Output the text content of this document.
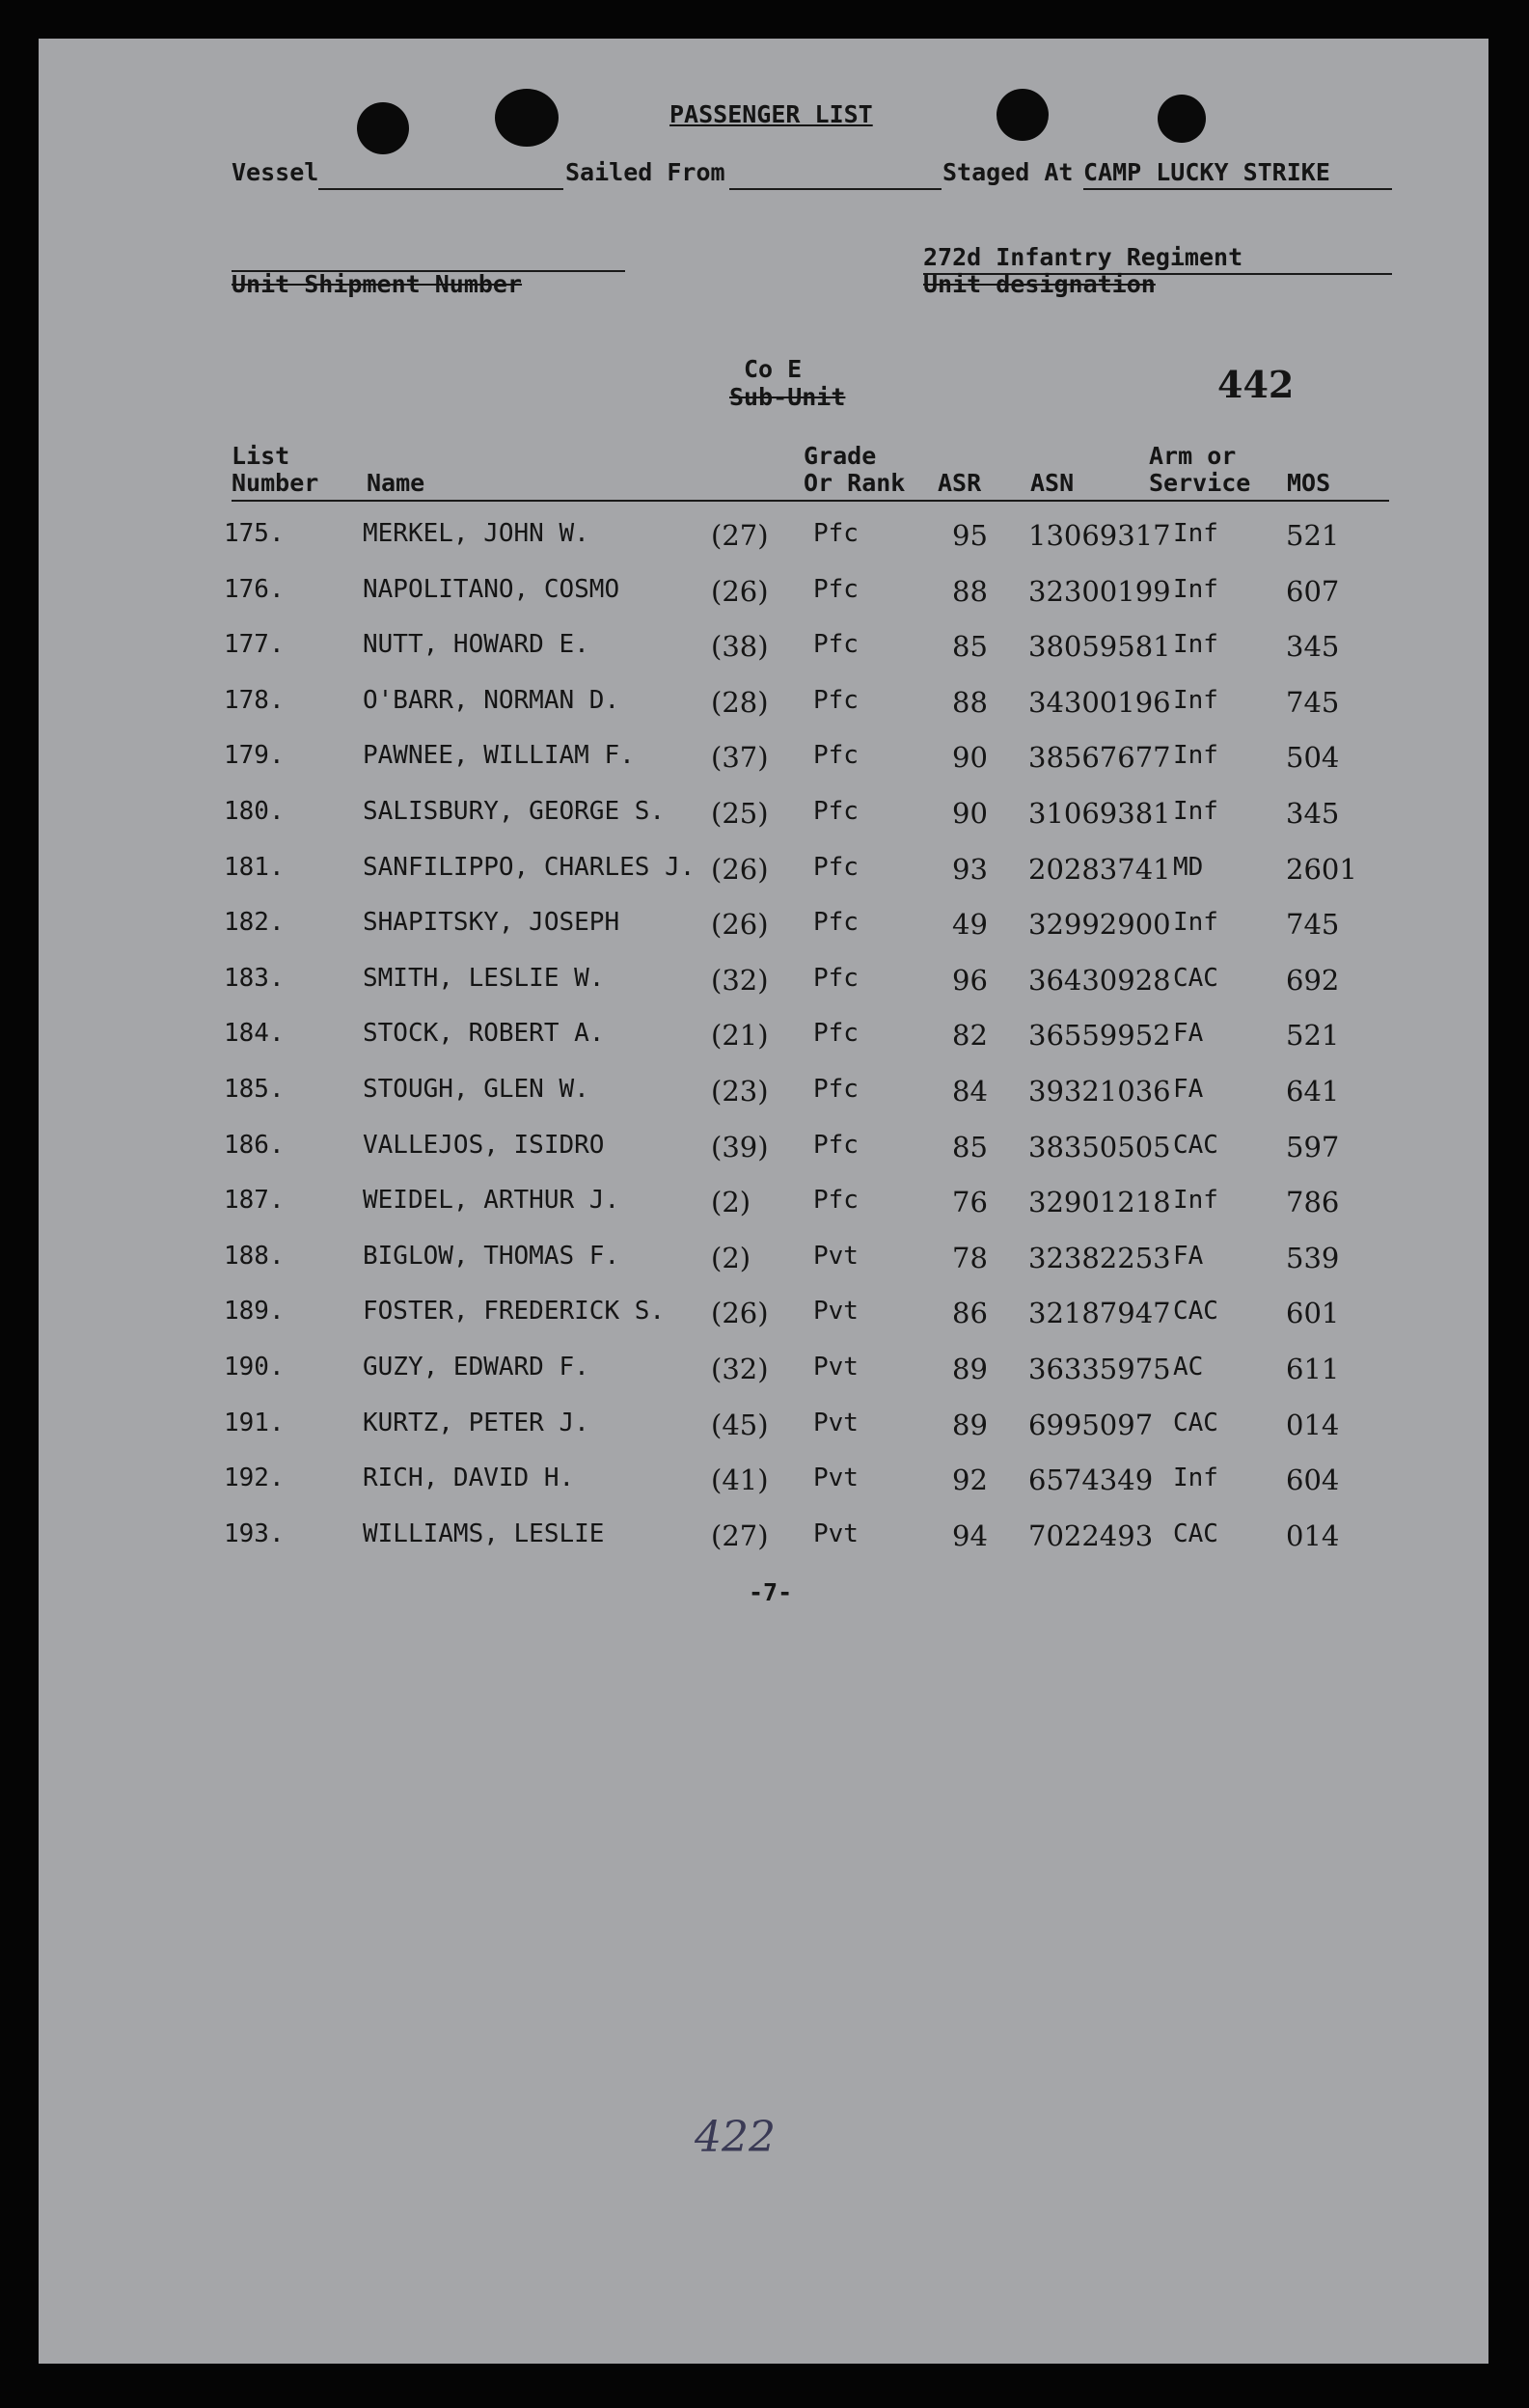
PASSENGER LIST
Vessel	Sailed From	Staged At CAMP LUCKY STRIKE
Unit Shipment Number
272d Infantry Regiment
Unit designation
Co E
Sub-Unit	442
List
Number Name
Grade
Or Rank ASR ASN
Arm or
Service MOS
175.	MERKEL, JOHN W.	(27) Pfc	95 13069317 Inf 521
176.	NAPOLITANO, COSMO	(26) Pfc	88 32300199 Inf 607
177.	NUTT, HOWARD E.	(38) Pfc	85 38059581 Inf 345
178.	O'BARR, NORMAN D.	(28) Pfc	88 34300196 Inf 745
179.	PAWNEE, WILLIAM F.	(37) Pfc	90 38567677 Inf 504
180.	SALISBURY, GEORGE S. (25) Pfc	90 31069381 Inf 345
181.	SANFILIPPO, CHARLES J. (26) Pfc	93 20283741 MD	2601
182.	SHAPITSKY, JOSEPH	(26) Pfc	49 32992900 Inf 745
183.	SMITH, LESLIE W.	(32) Pfc	96 36430928 CAC 692
184.	STOCK, ROBERT A.	(21) Pfc	82 36559952 FA	521
185.	STOUGH, GLEN W.	(23) Pfc	84 39321036 FA	641
186.	VALLEJOS, ISIDRO	(39) Pfc	85 38350505 CAC 597
187.	WEIDEL, ARTHUR J.	(2) Pfc	76 32901218 Inf 786
188.	BIGLOW, THOMAS F.	(2) Pvt	78 32382253 FA	539
189.	FOSTER, FREDERICK S. (26) Pvt	86 32187947 CAC 601
190.	GUZY, EDWARD F.	(32) Pvt	89 36335975 AC	611
191.	KURTZ, PETER J.	(45) Pvt	89 6995097 CAC 014
192.	RICH, DAVID H.	(41) Pvt	92 6574349 Inf 604
193.	WILLIAMS, LESLIE	(27) Pvt	94 7022493 CAC 014
-7-
422
